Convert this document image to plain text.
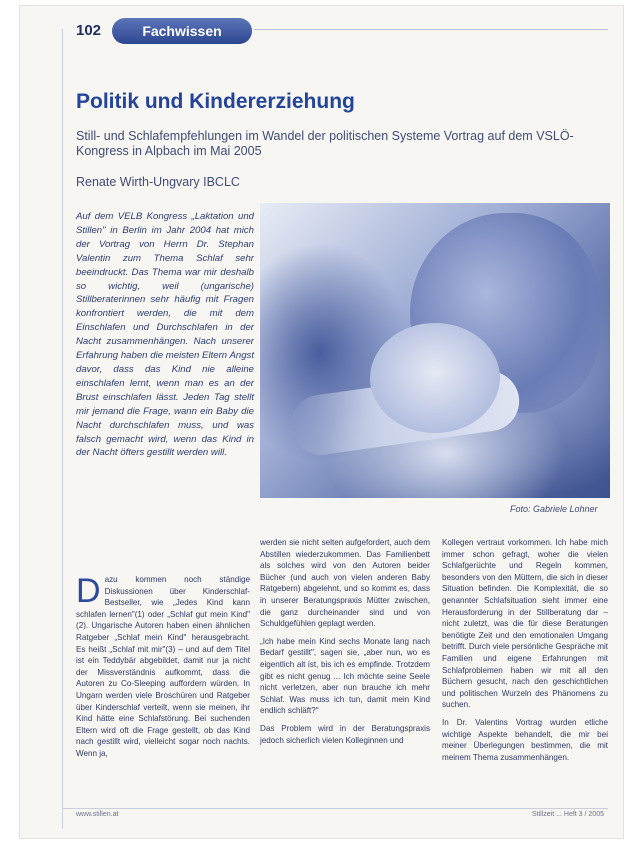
102	Fachwissen
Politik und Kindererziehung
Still- und Schlafempfehlungen im Wandel der politischen Systeme Vortrag auf dem VSLÖ-Kongress in Alpbach im Mai 2005
Renate Wirth-Ungvary IBCLC
Auf dem VELB Kongress „Laktation und Stillen" in Berlin im Jahr 2004 hat mich der Vortrag von Herrn Dr. Stephan Valentin zum Thema Schlaf sehr beeindruckt. Das Thema war mir deshalb so wichtig, weil (ungarische) Stillberaterinnen sehr häufig mit Fragen konfrontiert werden, die mit dem Einschlafen und Durchschlafen in der Nacht zusammenhängen. Nach unserer Erfahrung haben die meisten Eltern Angst davor, dass das Kind nie alleine einschlafen lernt, wenn man es an der Brust einschlafen lässt. Jeden Tag stellt mir jemand die Frage, wann ein Baby die Nacht durchschlafen muss, und was falsch gemacht wird, wenn das Kind in der Nacht öfters gestillt werden will.
Foto: Gabriele Lohner
Dazu kommen noch ständige Diskussionen über Kinderschlaf-Bestseller, wie „Jedes Kind kann schlafen lernen"(1) oder „Schlaf gut mein Kind"(2). Ungarische Autoren haben einen ähnlichen Ratgeber „Schlaf mein Kind" herausgebracht. Es heißt „Schlaf mit mir"(3) – und auf dem Titel ist ein Teddybär abgebildet, damit nur ja nicht der Missverständnis aufkommt, dass die Autoren zu Co-Sleeping auffordern würden. In Ungarn werden viele Broschüren und Ratgeber über Kinderschlaf verteilt, wenn sie meinen, ihr Kind hätte eine Schlafstörung. Bei suchenden Eltern wird oft die Frage gestellt, ob das Kind nach gestillt wird, vielleicht sogar noch nachts. Wenn ja,

werden sie nicht selten aufgefordert, auch dem Abstillen wiederzukommen. Das Familienbett als solches wird von den Autoren beider Bücher (und auch von vielen anderen Baby Ratgebern) abgelehnt, und so kommt es, dass in unserer Beratungspraxis Mütter zwischen, die ganz durcheinander sind und von Schuldgefühlen geplagt werden.

„Ich habe mein Kind sechs Monate lang nach Bedarf gestillt", sagen sie, „aber nun, wo es eigentlich alt ist, bis ich es empfinde. Trotzdem gibt es nicht genug ... Ich möchte seine Seele nicht verletzen, aber nun brauche ich mehr Schlaf. Was muss ich tun, damit mein Kind endlich schläft?"

Das Problem wird in der Beratungspraxis jedoch sicherlich vielen Kolleginnen und

Kollegen vertraut vorkommen. Ich habe mich immer schon gefragt, woher die vielen Schlafgerüchte und Regeln kommen, besonders von den Müttern, die sich in dieser Situation befinden. Die Komplexität, die so genannter Schlafsituation sieht immer eine Herausforderung in der Stillberatung dar – nicht zuletzt, was die für diese Beratungen benötigte Zeit und den emotionalen Umgang betrifft. Durch viele persönliche Gespräche mit Familien und eigene Erfahrungen mit Schlafproblemen haben wir mit all den Büchern gesucht, nach den geschichtlichen und politischen Wurzeln des Phänomens zu suchen.

In Dr. Valentins Vortrag wurden etliche wichtige Aspekte behandelt, die mir bei meiner Überlegungen bestimmen, die mit meinem Thema zusammenhängen.

www.stillen.at	Stillzeit ... Heft 3 / 2005
